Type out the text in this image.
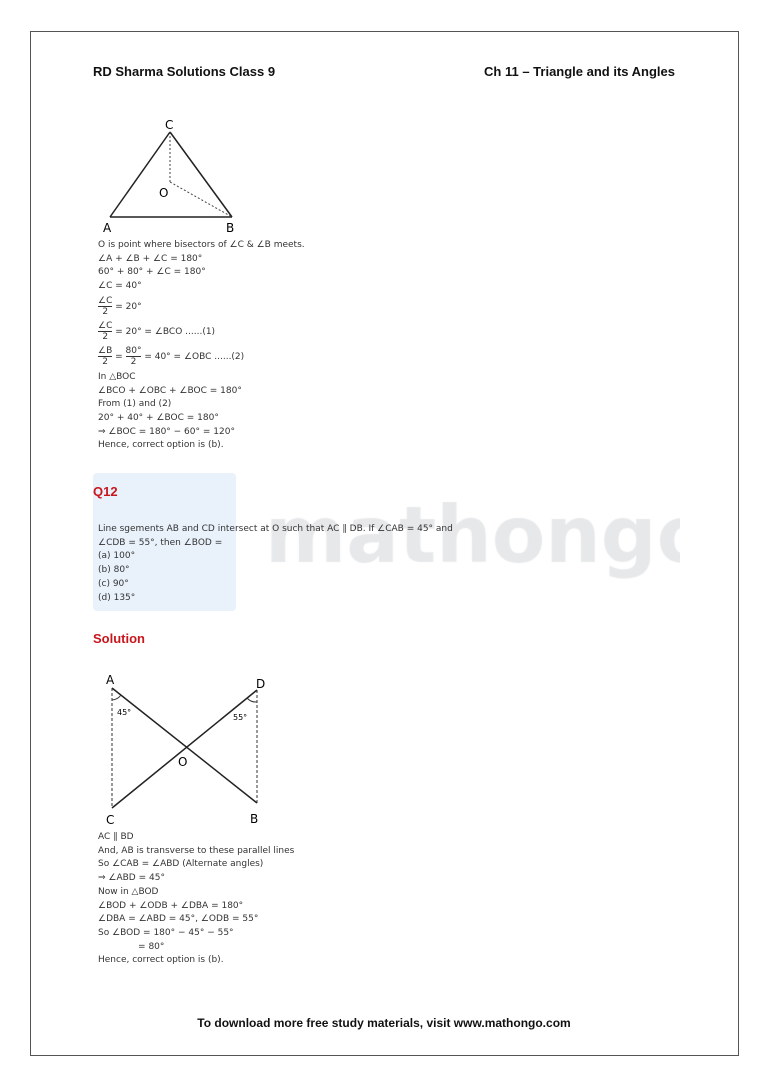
RD Sharma Solutions Class 9	Ch 11 – Triangle and its Angles
C
O
A	B
O is point where bisectors of ∠C & ∠B meets.
∠A + ∠B + ∠C = 180°
60° + 80° + ∠C = 180°
∠C = 40°
$\frac{\angle C}{2} = 20^\circ$
$\frac{\angle C}{2} = 20^\circ$ = ∠BCO ......(1)
$\frac{\angle B}{2} = \frac{80^\circ}{2} = 40^\circ$ = ∠OBC ......(2)
In △BOC
∠BCO + ∠OBC + ∠BOC = 180°
From (1) and (2)
20° + 40° + ∠BOC = 180°
⇒ ∠BOC = 180° − 60° = 120°
Hence, correct option is (b).
Q12
Line sgements AB and CD intersect at O such that AC ∥ DB. If ∠CAB = 45° and
∠CDB = 55°, then ∠BOD =
(a) 100°
(b) 80°
(c) 90°
(d) 135°
Solution
A	D
O
C	B
45°
55°
AC ∥ BD
And, AB is transverse to these parallel lines
So ∠CAB = ∠ABD (Alternate angles)
⇒ ∠ABD = 45°
Now in △BOD
∠BOD + ∠ODB + ∠DBA = 180°
∠DBA = ∠ABD = 45°, ∠ODB = 55°
So ∠BOD = 180° − 45° − 55°
= 80°
Hence, correct option is (b).
To download more free study materials, visit www.mathongo.com
